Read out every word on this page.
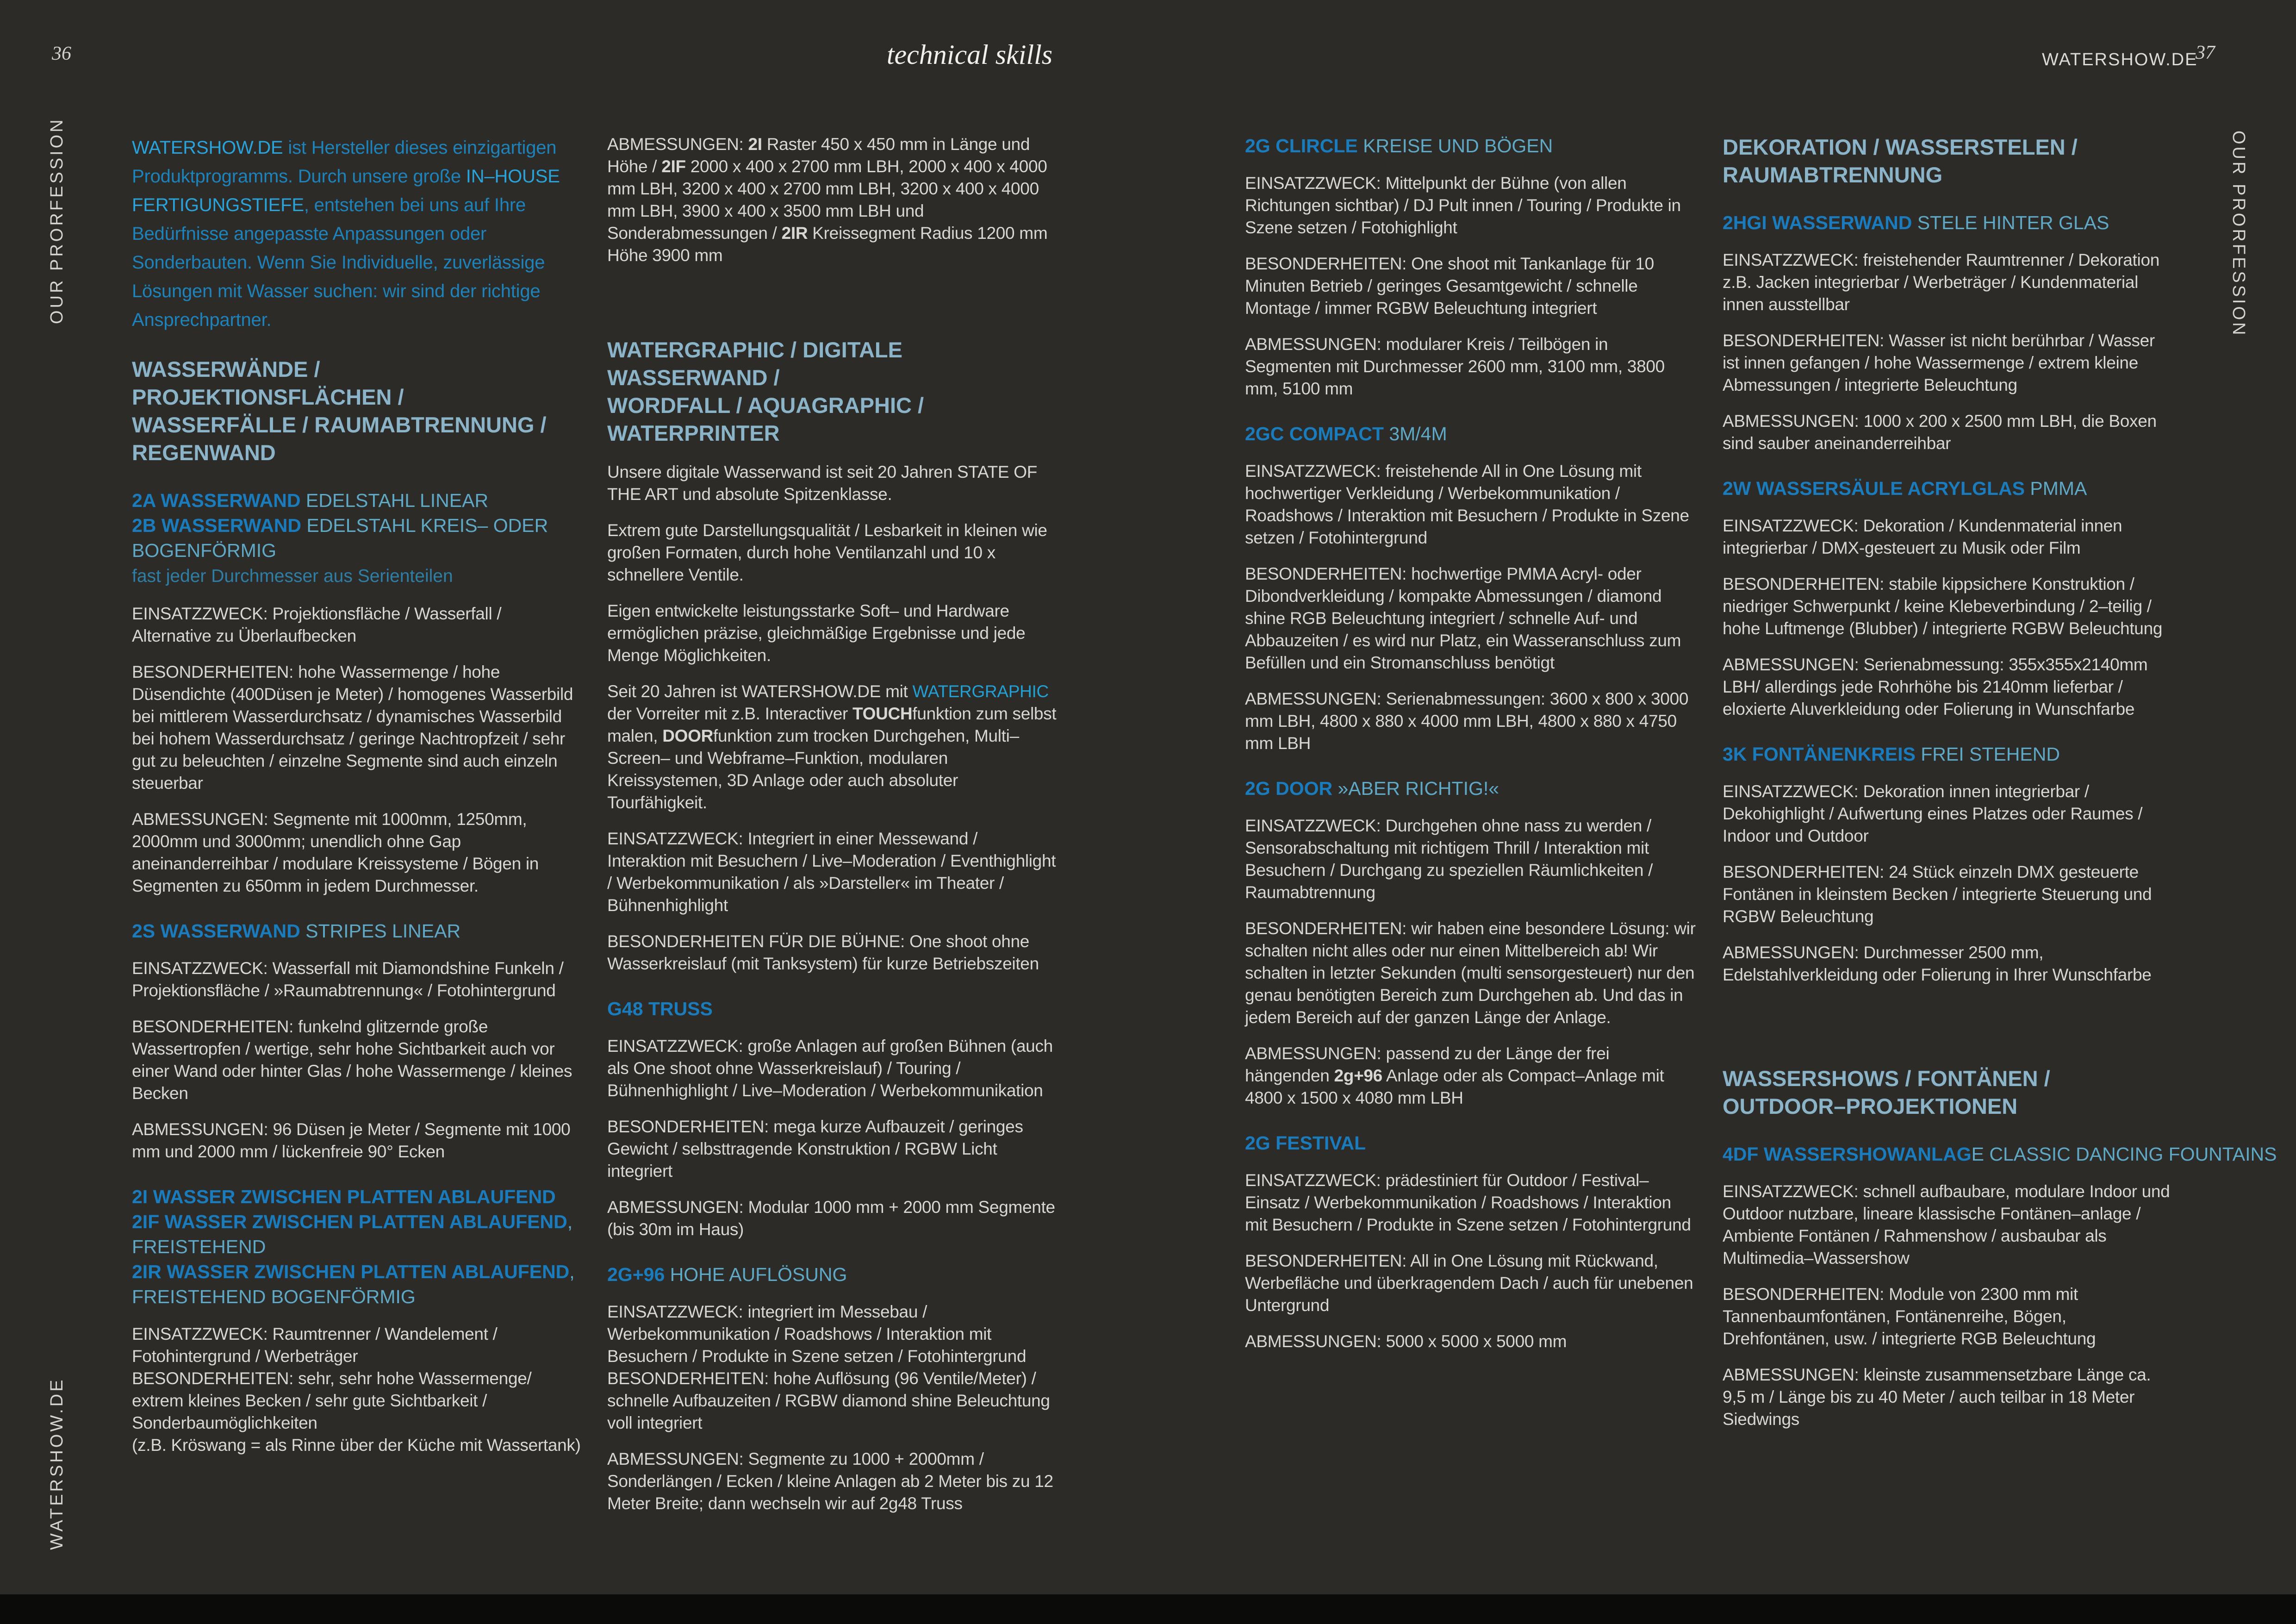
36	technical skills	WATERSHOW.DE
37
OUR PRORFESSION	OUR PRORFESSION
WATERSHOW.DE
WATERSHOW.DE ist Hersteller dieses einzigartigen Produktprogramms. Durch unsere große IN–HOUSE FERTIGUNGSTIEFE, entstehen bei uns auf Ihre Bedürfnisse angepasste Anpassungen oder Sonderbauten. Wenn Sie Individuelle, zuverlässige Lösungen mit Wasser suchen: wir sind der richtige Ansprechpartner.
WASSERWÄNDE / PROJEKTIONSFLÄCHEN /
WASSERFÄLLE / RAUMABTRENNUNG /
REGENWAND
2A WASSERWAND EDELSTAHL LINEAR
2B WASSERWAND EDELSTAHL KREIS– ODER
BOGENFÖRMIG
fast jeder Durchmesser aus Serienteilen
EINSATZZWECK: Projektionsfläche / Wasserfall / Alternative zu Überlaufbecken
BESONDERHEITEN: hohe Wassermenge / hohe Düsendichte (400Düsen je Meter) / homogenes Wasserbild bei mittlerem Wasserdurchsatz / dynamisches Wasserbild bei hohem Wasserdurchsatz / geringe Nachtropfzeit / sehr gut zu beleuchten / einzelne Segmente sind auch einzeln steuerbar
ABMESSUNGEN: Segmente mit 1000mm, 1250mm, 2000mm und 3000mm; unendlich ohne Gap aneinanderreihbar / modulare Kreissysteme / Bögen in Segmenten zu 650mm in jedem Durchmesser.
2S WASSERWAND STRIPES LINEAR
EINSATZZWECK: Wasserfall mit Diamondshine Funkeln / Projektionsfläche / »Raumabtrennung« / Fotohintergrund
BESONDERHEITEN: funkelnd glitzernde große Wassertropfen / wertige, sehr hohe Sichtbarkeit auch vor einer Wand oder hinter Glas / hohe Wassermenge / kleines Becken
ABMESSUNGEN: 96 Düsen je Meter / Segmente mit 1000 mm und 2000 mm / lückenfreie 90° Ecken
2I WASSER ZWISCHEN PLATTEN ABLAUFEND
2IF WASSER ZWISCHEN PLATTEN ABLAUFEND,
FREISTEHEND
2IR WASSER ZWISCHEN PLATTEN ABLAUFEND,
FREISTEHEND BOGENFÖRMIG
EINSATZZWECK: Raumtrenner / Wandelement / Fotohintergrund / Werbeträger
BESONDERHEITEN: sehr, sehr hohe Wassermenge/ extrem kleines Becken / sehr gute Sichtbarkeit / Sonderbaumöglichkeiten
(z.B. Kröswang = als Rinne über der Küche mit Wassertank)
ABMESSUNGEN: 2I Raster 450 x 450 mm in Länge und Höhe / 2IF 2000 x 400 x 2700 mm LBH, 2000 x 400 x 4000 mm LBH, 3200 x 400 x 2700 mm LBH, 3200 x 400 x 4000 mm LBH, 3900 x 400 x 3500 mm LBH und Sonderabmessungen / 2IR Kreissegment Radius 1200 mm Höhe 3900 mm
WATERGRAPHIC / DIGITALE WASSERWAND /
WORDFALL / AQUAGRAPHIC / WATERPRINTER
Unsere digitale Wasserwand ist seit 20 Jahren STATE OF THE ART und absolute Spitzenklasse.
Extrem gute Darstellungsqualität / Lesbarkeit in kleinen wie großen Formaten, durch hohe Ventilanzahl und 10 x schnellere Ventile.
Eigen entwickelte leistungsstarke Soft– und Hardware ermöglichen präzise, gleichmäßige Ergebnisse und jede Menge Möglichkeiten.
Seit 20 Jahren ist WATERSHOW.DE mit WATERGRAPHIC der Vorreiter mit z.B. Interactiver TOUCHfunktion zum selbst malen, DOORfunktion zum trocken Durchgehen, Multi–Screen– und Webframe–Funktion, modularen Kreissystemen, 3D Anlage oder auch absoluter Tourfähigkeit.
EINSATZZWECK: Integriert in einer Messewand / Interaktion mit Besuchern / Live–Moderation / Eventhighlight / Werbekommunikation / als »Darsteller« im Theater / Bühnenhighlight
BESONDERHEITEN FÜR DIE BÜHNE: One shoot ohne Wasserkreislauf (mit Tanksystem) für kurze Betriebszeiten
G48 TRUSS
EINSATZZWECK: große Anlagen auf großen Bühnen (auch als One shoot ohne Wasserkreislauf) / Touring / Bühnenhighlight / Live–Moderation / Werbekommunikation
BESONDERHEITEN: mega kurze Aufbauzeit / geringes Gewicht / selbsttragende Konstruktion / RGBW Licht integriert
ABMESSUNGEN: Modular 1000 mm + 2000 mm Segmente (bis 30m im Haus)
2G+96 HOHE AUFLÖSUNG
EINSATZZWECK: integriert im Messebau / Werbekommunikation / Roadshows / Interaktion mit Besuchern / Produkte in Szene setzen / Fotohintergrund
BESONDERHEITEN: hohe Auflösung (96 Ventile/Meter) / schnelle Aufbauzeiten / RGBW diamond shine Beleuchtung voll integriert
ABMESSUNGEN: Segmente zu 1000 + 2000mm / Sonderlängen / Ecken / kleine Anlagen ab 2 Meter bis zu 12 Meter Breite; dann wechseln wir auf 2g48 Truss
2G CLIRCLE KREISE UND BÖGEN
EINSATZZWECK: Mittelpunkt der Bühne (von allen Richtungen sichtbar) / DJ Pult innen / Touring / Produkte in Szene setzen / Fotohighlight
BESONDERHEITEN: One shoot mit Tankanlage für 10 Minuten Betrieb / geringes Gesamtgewicht / schnelle Montage / immer RGBW Beleuchtung integriert
ABMESSUNGEN: modularer Kreis / Teilbögen in Segmenten mit Durchmesser 2600 mm, 3100 mm, 3800 mm, 5100 mm
2GC COMPACT 3M/4M
EINSATZZWECK: freistehende All in One Lösung mit hochwertiger Verkleidung / Werbekommunikation / Roadshows / Interaktion mit Besuchern / Produkte in Szene setzen / Fotohintergrund
BESONDERHEITEN: hochwertige PMMA Acryl- oder Dibondverkleidung / kompakte Abmessungen / diamond shine RGB Beleuchtung integriert / schnelle Auf- und Abbauzeiten / es wird nur Platz, ein Wasseranschluss zum Befüllen und ein Stromanschluss benötigt
ABMESSUNGEN: Serienabmessungen: 3600 x 800 x 3000 mm LBH, 4800 x 880 x 4000 mm LBH, 4800 x 880 x 4750 mm LBH
2G DOOR »ABER RICHTIG!«
EINSATZZWECK: Durchgehen ohne nass zu werden / Sensorabschaltung mit richtigem Thrill / Interaktion mit Besuchern / Durchgang zu speziellen Räumlichkeiten / Raumabtrennung
BESONDERHEITEN: wir haben eine besondere Lösung: wir schalten nicht alles oder nur einen Mittelbereich ab! Wir schalten in letzter Sekunden (multi sensorgesteuert) nur den genau benötigten Bereich zum Durchgehen ab. Und das in jedem Bereich auf der ganzen Länge der Anlage.
ABMESSUNGEN: passend zu der Länge der frei hängenden 2g+96 Anlage oder als Compact–Anlage mit 4800 x 1500 x 4080 mm LBH
2G FESTIVAL
EINSATZZWECK: prädestiniert für Outdoor / Festival–Einsatz / Werbekommunikation / Roadshows / Interaktion mit Besuchern / Produkte in Szene setzen / Fotohintergrund
BESONDERHEITEN: All in One Lösung mit Rückwand, Werbefläche und überkragendem Dach / auch für unebenen Untergrund
ABMESSUNGEN: 5000 x 5000 x 5000 mm
DEKORATION / WASSERSTELEN /
RAUMABTRENNUNG
2HGI WASSERWAND STELE HINTER GLAS
EINSATZZWECK: freistehender Raumtrenner / Dekoration z.B. Jacken integrierbar / Werbeträger / Kundenmaterial innen ausstellbar
BESONDERHEITEN: Wasser ist nicht berührbar / Wasser ist innen gefangen / hohe Wassermenge / extrem kleine Abmessungen / integrierte Beleuchtung
ABMESSUNGEN: 1000 x 200 x 2500 mm LBH, die Boxen sind sauber aneinanderreihbar
2W WASSERSÄULE ACRYLGLAS PMMA
EINSATZZWECK: Dekoration / Kundenmaterial innen integrierbar / DMX-gesteuert zu Musik oder Film
BESONDERHEITEN: stabile kippsichere Konstruktion / niedriger Schwerpunkt / keine Klebeverbindung / 2–teilig / hohe Luftmenge (Blubber) / integrierte RGBW Beleuchtung
ABMESSUNGEN: Serienabmessung: 355x355x2140mm LBH/ allerdings jede Rohrhöhe bis 2140mm lieferbar / eloxierte Aluverkleidung oder Folierung in Wunschfarbe
3K FONTÄNENKREIS FREI STEHEND
EINSATZZWECK: Dekoration innen integrierbar / Dekohighlight / Aufwertung eines Platzes oder Raumes / Indoor und Outdoor
BESONDERHEITEN: 24 Stück einzeln DMX gesteuerte Fontänen in kleinstem Becken / integrierte Steuerung und RGBW Beleuchtung
ABMESSUNGEN: Durchmesser 2500 mm, Edelstahlverkleidung oder Folierung in Ihrer Wunschfarbe
WASSERSHOWS / FONTÄNEN /
OUTDOOR–PROJEKTIONEN
4DF WASSERSHOWANLAGE CLASSIC DANCING FOUNTAINS
EINSATZZWECK: schnell aufbaubare, modulare Indoor und Outdoor nutzbare, lineare klassische Fontänen–anlage / Ambiente Fontänen / Rahmenshow / ausbaubar als Multimedia–Wassershow
BESONDERHEITEN: Module von 2300 mm mit Tannenbaumfontänen, Fontänenreihe, Bögen, Drehfontänen, usw. / integrierte RGB Beleuchtung
ABMESSUNGEN: kleinste zusammensetzbare Länge ca. 9,5 m / Länge bis zu 40 Meter / auch teilbar in 18 Meter Siedwings
